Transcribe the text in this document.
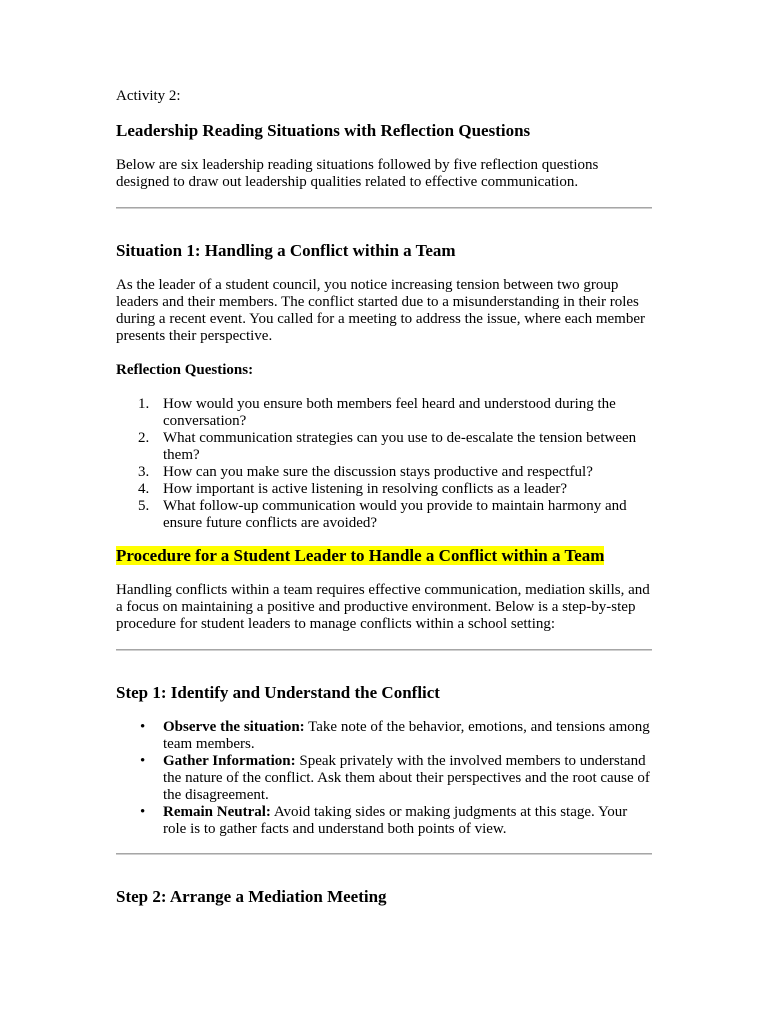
Activity 2:

Leadership Reading Situations with Reflection Questions

Below are six leadership reading situations followed by five reflection questions designed to draw out leadership qualities related to effective communication.

Situation 1: Handling a Conflict within a Team

As the leader of a student council, you notice increasing tension between two group leaders and their members. The conflict started due to a misunderstanding in their roles during a recent event. You called for a meeting to address the issue, where each member presents their perspective.

Reflection Questions:

1. How would you ensure both members feel heard and understood during the conversation?
2. What communication strategies can you use to de-escalate the tension between them?
3. How can you make sure the discussion stays productive and respectful?
4. How important is active listening in resolving conflicts as a leader?
5. What follow-up communication would you provide to maintain harmony and ensure future conflicts are avoided?
Procedure for a Student Leader to Handle a Conflict within a Team

Handling conflicts within a team requires effective communication, mediation skills, and a focus on maintaining a positive and productive environment. Below is a step-by-step procedure for student leaders to manage conflicts within a school setting:

Step 1: Identify and Understand the Conflict
• Observe the situation: Take note of the behavior, emotions, and tensions among team members.
• Gather Information: Speak privately with the involved members to understand the nature of the conflict. Ask them about their perspectives and the root cause of the disagreement.
• Remain Neutral: Avoid taking sides or making judgments at this stage. Your role is to gather facts and understand both points of view.
Step 2: Arrange a Mediation Meeting
